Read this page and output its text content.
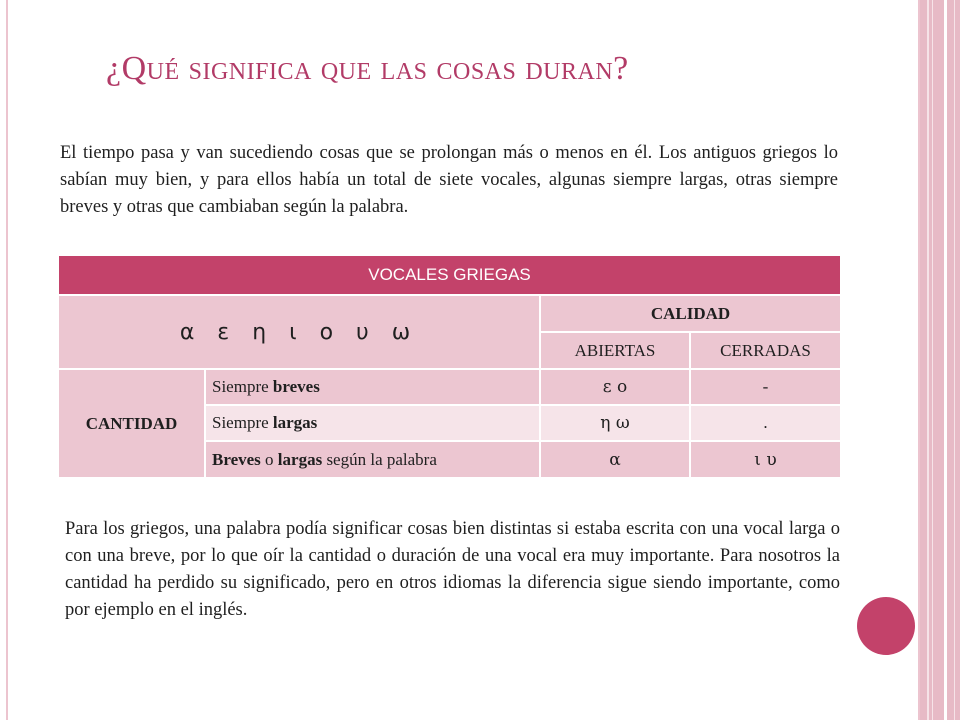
¿Qué significa que las cosas duran?

El tiempo pasa y van sucediendo cosas que se prolongan más o menos en él. Los antiguos griegos lo sabían muy bien, y para ellos había un total de siete vocales, algunas siempre largas, otras siempre breves y otras que cambiaban según la palabra.

VOCALES GRIEGAS			
α ε η ι ο υ ω		CALIDAD	
		ABIERTAS	CERRADAS
CANTIDAD	Siempre breves	ε ο	-
	Siempre largas	η ω	.
	Breves o largas según la palabra	α	ι υ

Para los griegos, una palabra podía significar cosas bien distintas si estaba escrita con una vocal larga o con una breve, por lo que oír la cantidad o duración de una vocal era muy importante. Para nosotros la cantidad ha perdido su significado, pero en otros idiomas la diferencia sigue siendo importante, como por ejemplo en el inglés.
